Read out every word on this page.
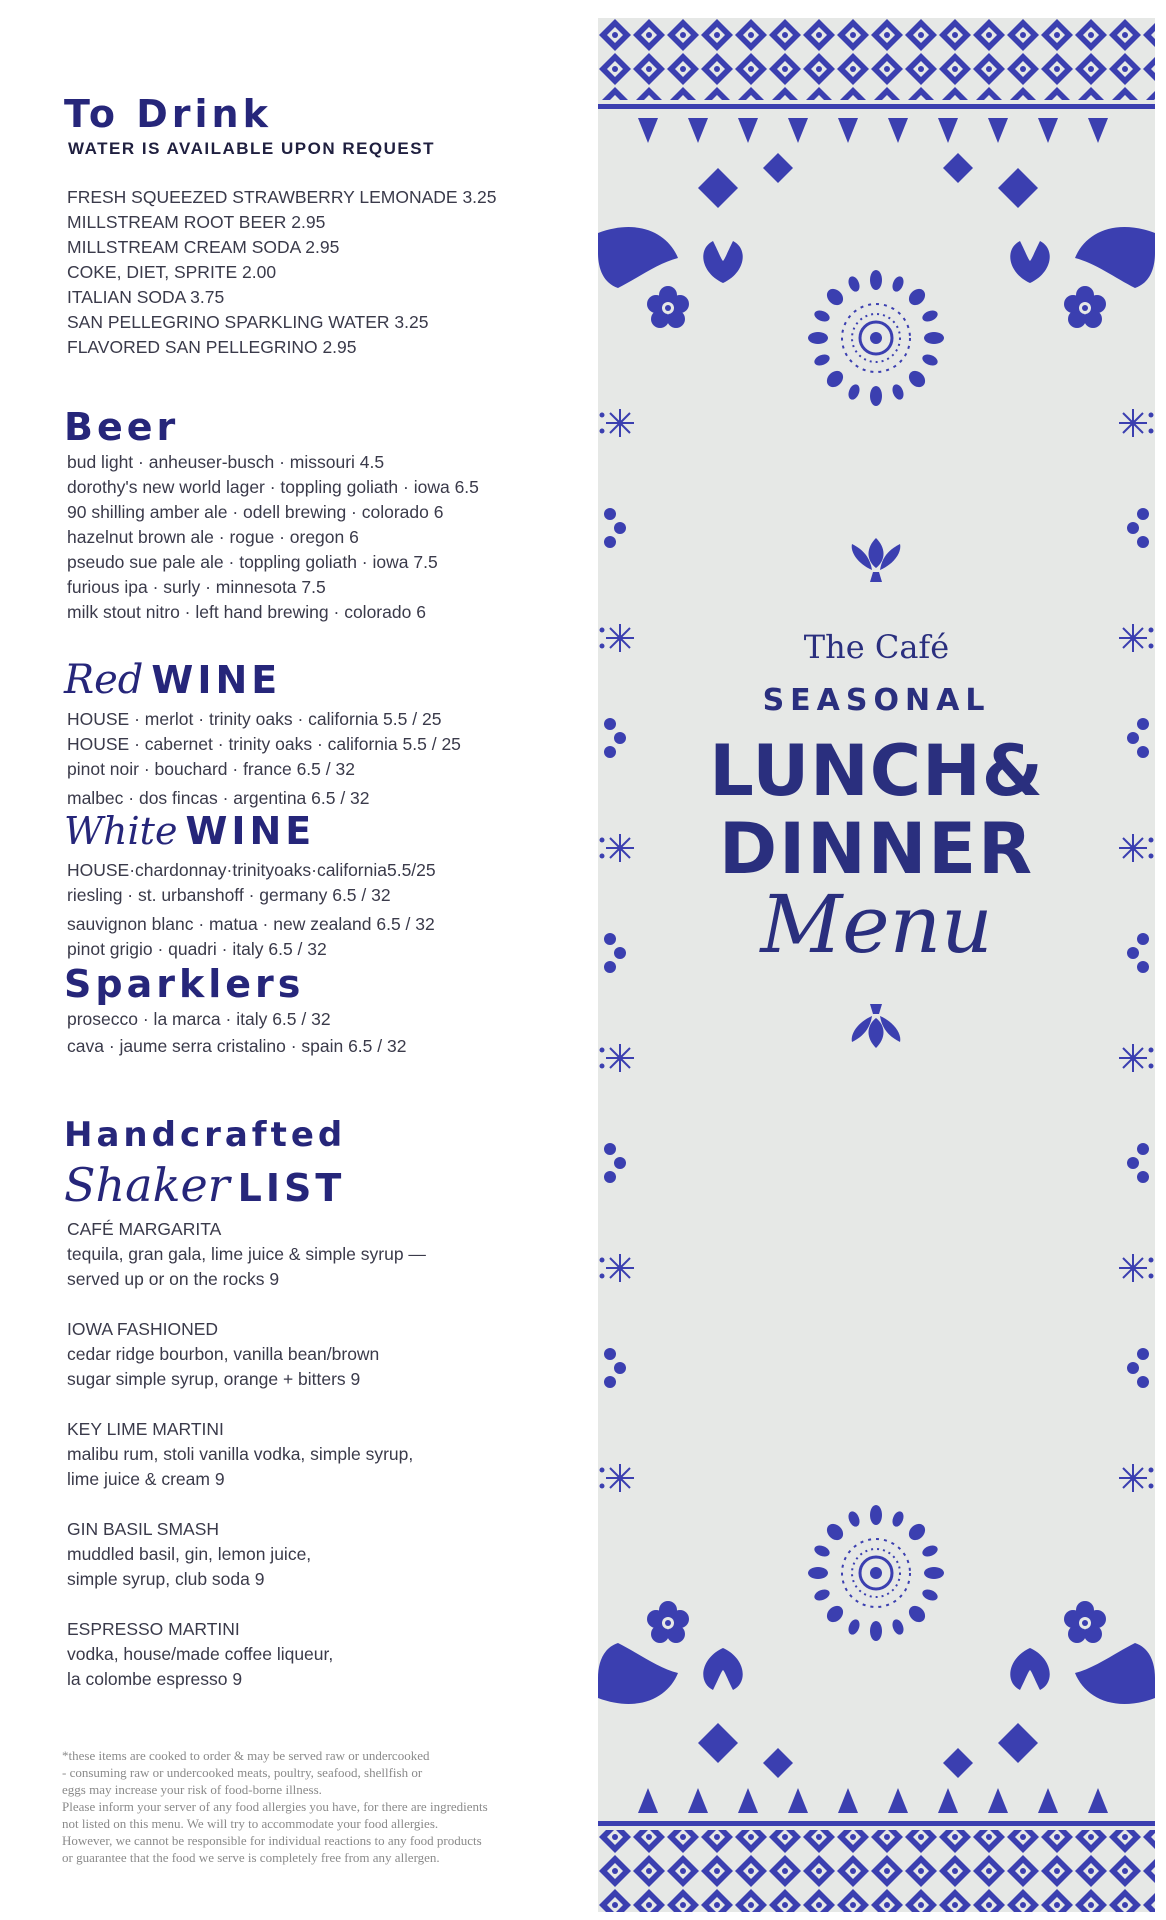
To Drink
WATER IS AVAILABLE UPON REQUEST
FRESH SQUEEZED STRAWBERRY LEMONADE 3.25
MILLSTREAM ROOT BEER 2.95
MILLSTREAM CREAM SODA 2.95
COKE, DIET, SPRITE 2.00
ITALIAN SODA 3.75
SAN PELLEGRINO SPARKLING WATER 3.25
FLAVORED SAN PELLEGRINO 2.95
Beer
bud light · anheuser-busch · missouri 4.5
dorothy's new world lager · toppling goliath · iowa 6.5
90 shilling amber ale · odell brewing · colorado 6
hazelnut brown ale · rogue · oregon 6
pseudo sue pale ale · toppling goliath · iowa 7.5
furious ipa · surly · minnesota 7.5
milk stout nitro · left hand brewing · colorado 6
Red WINE
HOUSE · merlot · trinity oaks · california 5.5 / 25
HOUSE · cabernet · trinity oaks · california 5.5 / 25
pinot noir · bouchard · france 6.5 / 32
malbec · dos fincas · argentina 6.5 / 32
White WINE
HOUSE·chardonnay·trinityoaks·california5.5/25
riesling · st. urbanshoff · germany 6.5 / 32
sauvignon blanc · matua · new zealand 6.5 / 32
pinot grigio · quadri · italy 6.5 / 32
Sparklers
prosecco · la marca · italy 6.5 / 32
cava · jaume serra cristalino · spain 6.5 / 32
Handcrafted
Shaker LIST
CAFÉ MARGARITA
tequila, gran gala, lime juice & simple syrup —
served up or on the rocks 9
IOWA FASHIONED
cedar ridge bourbon, vanilla bean/brown
sugar simple syrup, orange + bitters 9
KEY LIME MARTINI
malibu rum, stoli vanilla vodka, simple syrup,
lime juice & cream 9
GIN BASIL SMASH
muddled basil, gin, lemon juice,
simple syrup, club soda 9
ESPRESSO MARTINI
vodka, house/made coffee liqueur,
la colombe espresso 9
*these items are cooked to order & may be served raw or undercooked
- consuming raw or undercooked meats, poultry, seafood, shellfish or
eggs may increase your risk of food-borne illness.
Please inform your server of any food allergies you have, for there are ingredients
not listed on this menu. We will try to accommodate your food allergies.
However, we cannot be responsible for individual reactions to any food products
or guarantee that the food we serve is completely free from any allergen.
The Café
SEASONAL
LUNCH&
DINNER
Menu
